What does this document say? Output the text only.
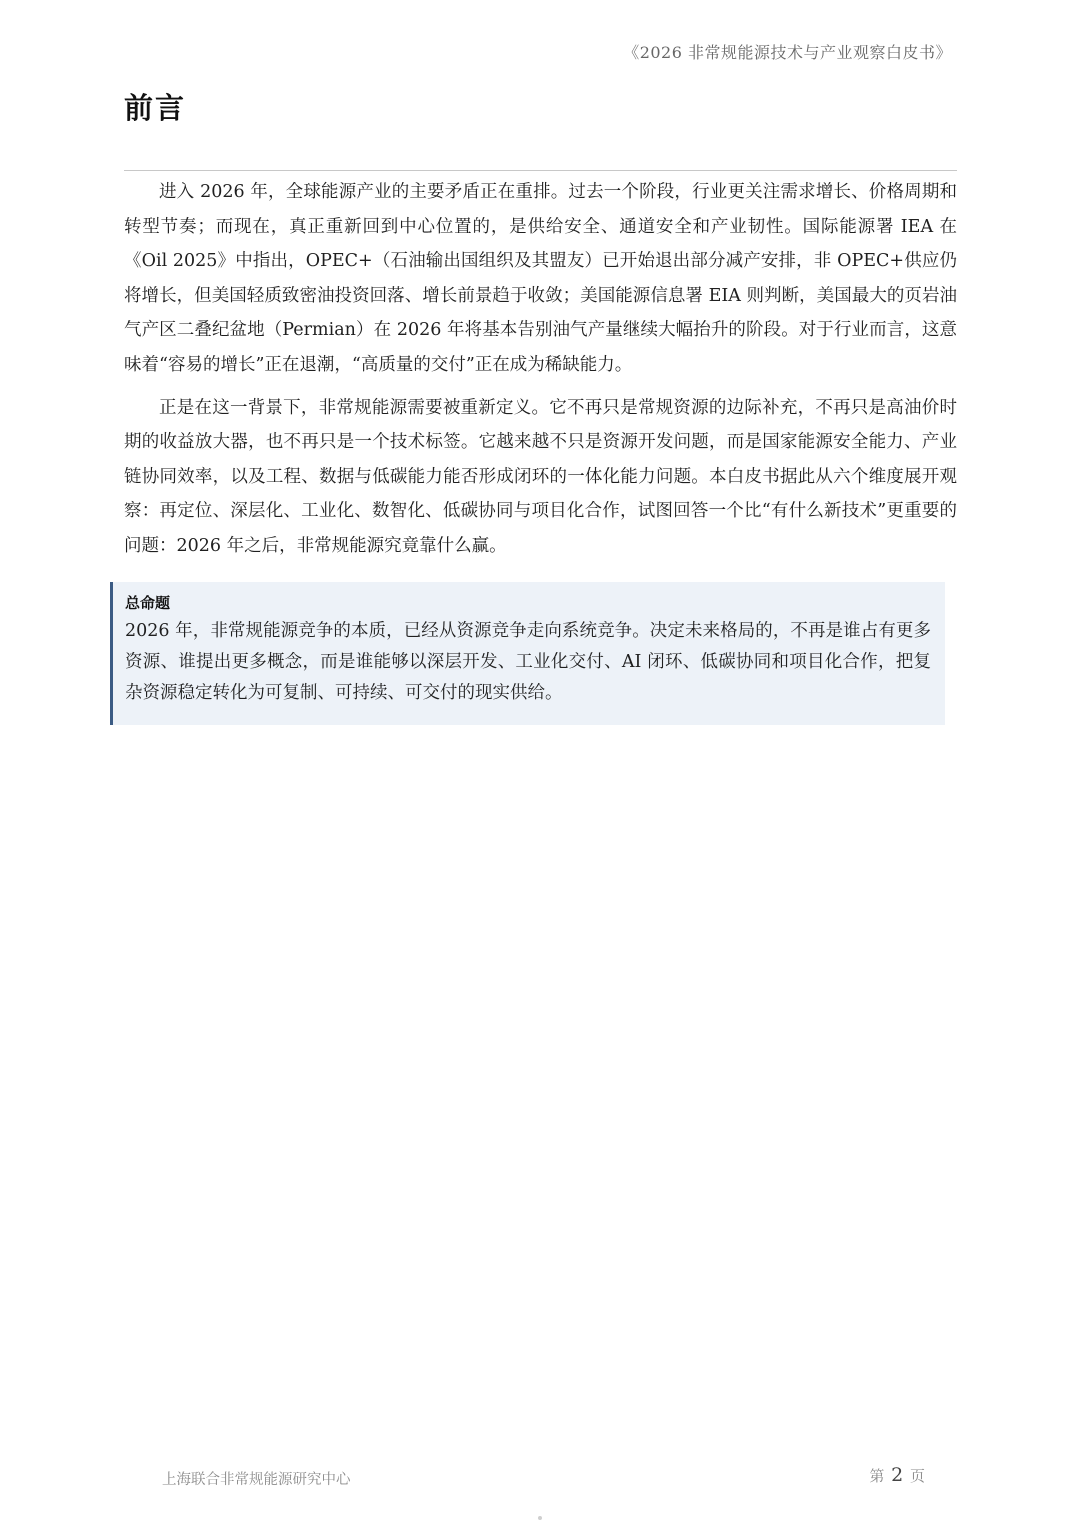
《2026 非常规能源技术与产业观察白皮书》
前言

进入 2026 年，全球能源产业的主要矛盾正在重排。过去一个阶段，行业更关注需求增长、价格周期和转型节奏；而现在，真正重新回到中心位置的，是供给安全、通道安全和产业韧性。国际能源署 IEA 在《Oil 2025》中指出，OPEC+（石油输出国组织及其盟友）已开始退出部分减产安排，非 OPEC+供应仍将增长，但美国轻质致密油投资回落、增长前景趋于收敛；美国能源信息署 EIA 则判断，美国最大的页岩油气产区二叠纪盆地（Permian）在 2026 年将基本告别油气产量继续大幅抬升的阶段。对于行业而言，这意味着“容易的增长”正在退潮，“高质量的交付”正在成为稀缺能力。

正是在这一背景下，非常规能源需要被重新定义。它不再只是常规资源的边际补充，不再只是高油价时期的收益放大器，也不再只是一个技术标签。它越来越不只是资源开发问题，而是国家能源安全能力、产业链协同效率，以及工程、数据与低碳能力能否形成闭环的一体化能力问题。本白皮书据此从六个维度展开观察：再定位、深层化、工业化、数智化、低碳协同与项目化合作，试图回答一个比“有什么新技术”更重要的问题：2026 年之后，非常规能源究竟靠什么赢。

总命题

2026 年，非常规能源竞争的本质，已经从资源竞争走向系统竞争。决定未来格局的，不再是谁占有更多资源、谁提出更多概念，而是谁能够以深层开发、工业化交付、AI 闭环、低碳协同和项目化合作，把复杂资源稳定转化为可复制、可持续、可交付的现实供给。

上海联合非常规能源研究中心	第 2 页
